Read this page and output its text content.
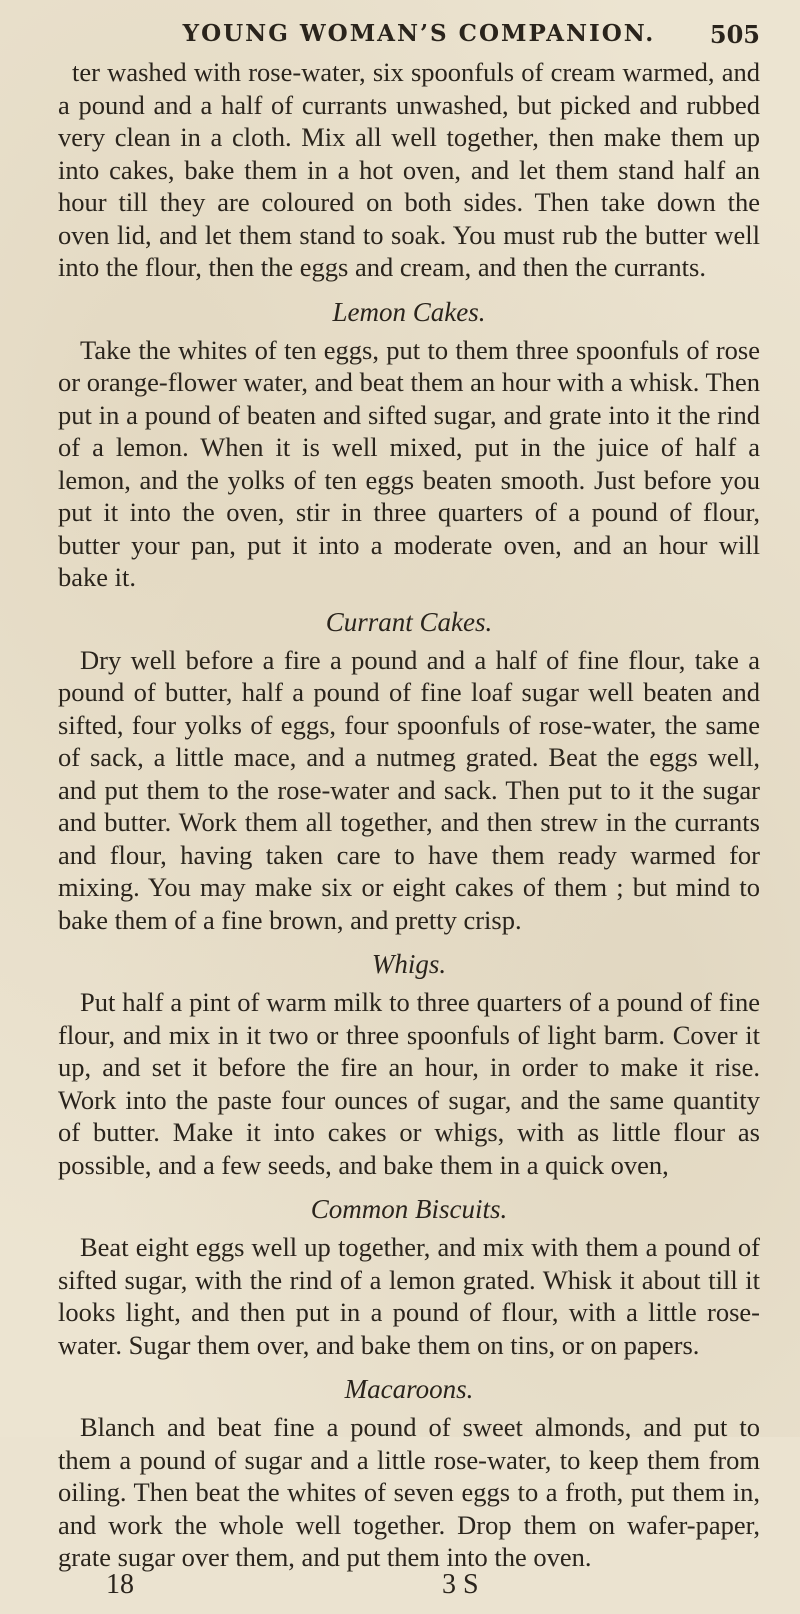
YOUNG WOMAN’S COMPANION.	505

ter washed with rose-water, six spoonfuls of cream warmed, and a pound and a half of currants unwashed, but picked and rubbed very clean in a cloth. Mix all well together, then make them up into cakes, bake them in a hot oven, and let them stand half an hour till they are coloured on both sides. Then take down the oven lid, and let them stand to soak. You must rub the butter well into the flour, then the eggs and cream, and then the currants.

Lemon Cakes.

Take the whites of ten eggs, put to them three spoonfuls of rose or orange-flower water, and beat them an hour with a whisk. Then put in a pound of beaten and sifted sugar, and grate into it the rind of a lemon. When it is well mixed, put in the juice of half a lemon, and the yolks of ten eggs beaten smooth. Just before you put it into the oven, stir in three quarters of a pound of flour, butter your pan, put it into a moderate oven, and an hour will bake it.

Currant Cakes.

Dry well before a fire a pound and a half of fine flour, take a pound of butter, half a pound of fine loaf sugar well beaten and sifted, four yolks of eggs, four spoonfuls of rose-water, the same of sack, a little mace, and a nutmeg grated. Beat the eggs well, and put them to the rose-water and sack. Then put to it the sugar and butter. Work them all together, and then strew in the currants and flour, having taken care to have them ready warmed for mixing. You may make six or eight cakes of them ; but mind to bake them of a fine brown, and pretty crisp.

Whigs.

Put half a pint of warm milk to three quarters of a pound of fine flour, and mix in it two or three spoonfuls of light barm. Cover it up, and set it before the fire an hour, in order to make it rise. Work into the paste four ounces of sugar, and the same quantity of butter. Make it into cakes or whigs, with as little flour as possible, and a few seeds, and bake them in a quick oven,

Common Biscuits.

Beat eight eggs well up together, and mix with them a pound of sifted sugar, with the rind of a lemon grated. Whisk it about till it looks light, and then put in a pound of flour, with a little rose-water. Sugar them over, and bake them on tins, or on papers.

Macaroons.

Blanch and beat fine a pound of sweet almonds, and put to them a pound of sugar and a little rose-water, to keep them from oiling. Then beat the whites of seven eggs to a froth, put them in, and work the whole well together. Drop them on wafer-paper, grate sugar over them, and put them into the oven.

18	3 S
